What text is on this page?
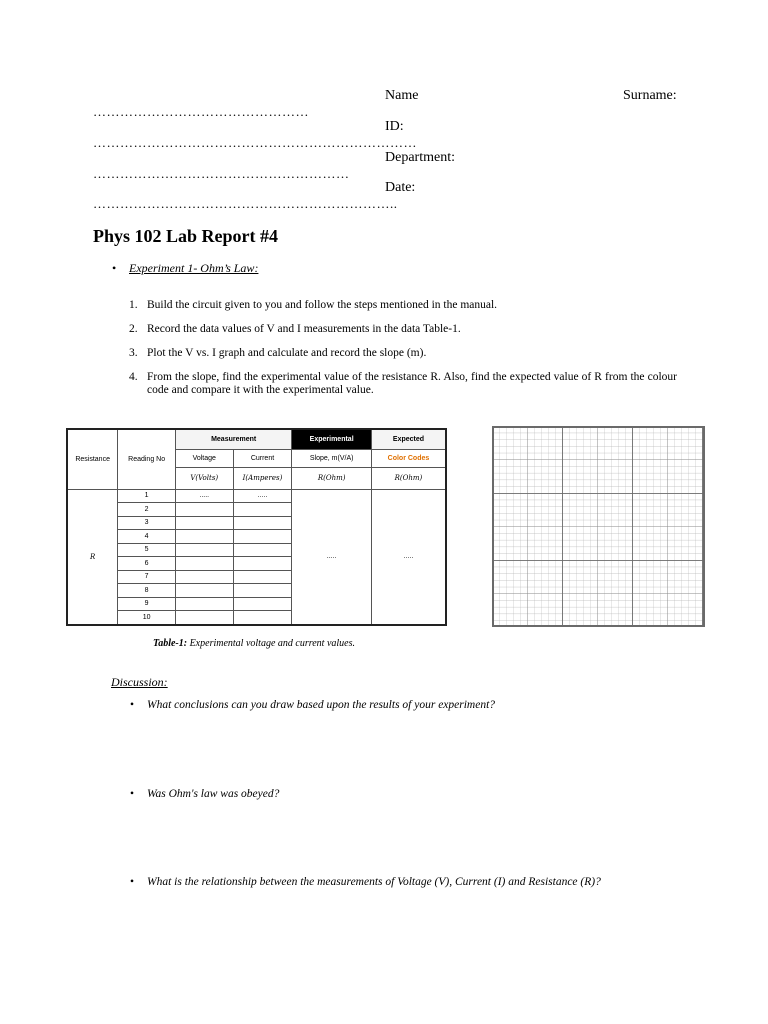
Name	Surname:
…………………………………………
ID:
………………………………………………………………
Department:
…………………………………………………
Date:
…………………………………………………………..
Phys 102 Lab Report #4
• Experiment 1- Ohm’s Law:
1. Build the circuit given to you and follow the steps mentioned in the manual.
2. Record the data values of V and I measurements in the data Table-1.
3. Plot the V vs. I graph and calculate and record the slope (m).
4. From the slope, find the experimental value of the resistance R. Also, find the expected value of R from the colour code and compare it with the experimental value.
Resistance	Reading No	Measurement		Experimental	Expected
		Voltage	Current	Slope, m(V/A)	Color Codes
		V(Volts)	I(Amperes)	R(Ohm)	R(Ohm)
R	1	.....	.....	.....	.....
	2				
	3				
	4				
	5				
	6				
	7				
	8				
	9				
	10				
Table-1: Experimental voltage and current values.
Discussion:
• What conclusions can you draw based upon the results of your experiment?
• Was Ohm's law was obeyed?
• What is the relationship between the measurements of Voltage (V), Current (I) and Resistance (R)?
